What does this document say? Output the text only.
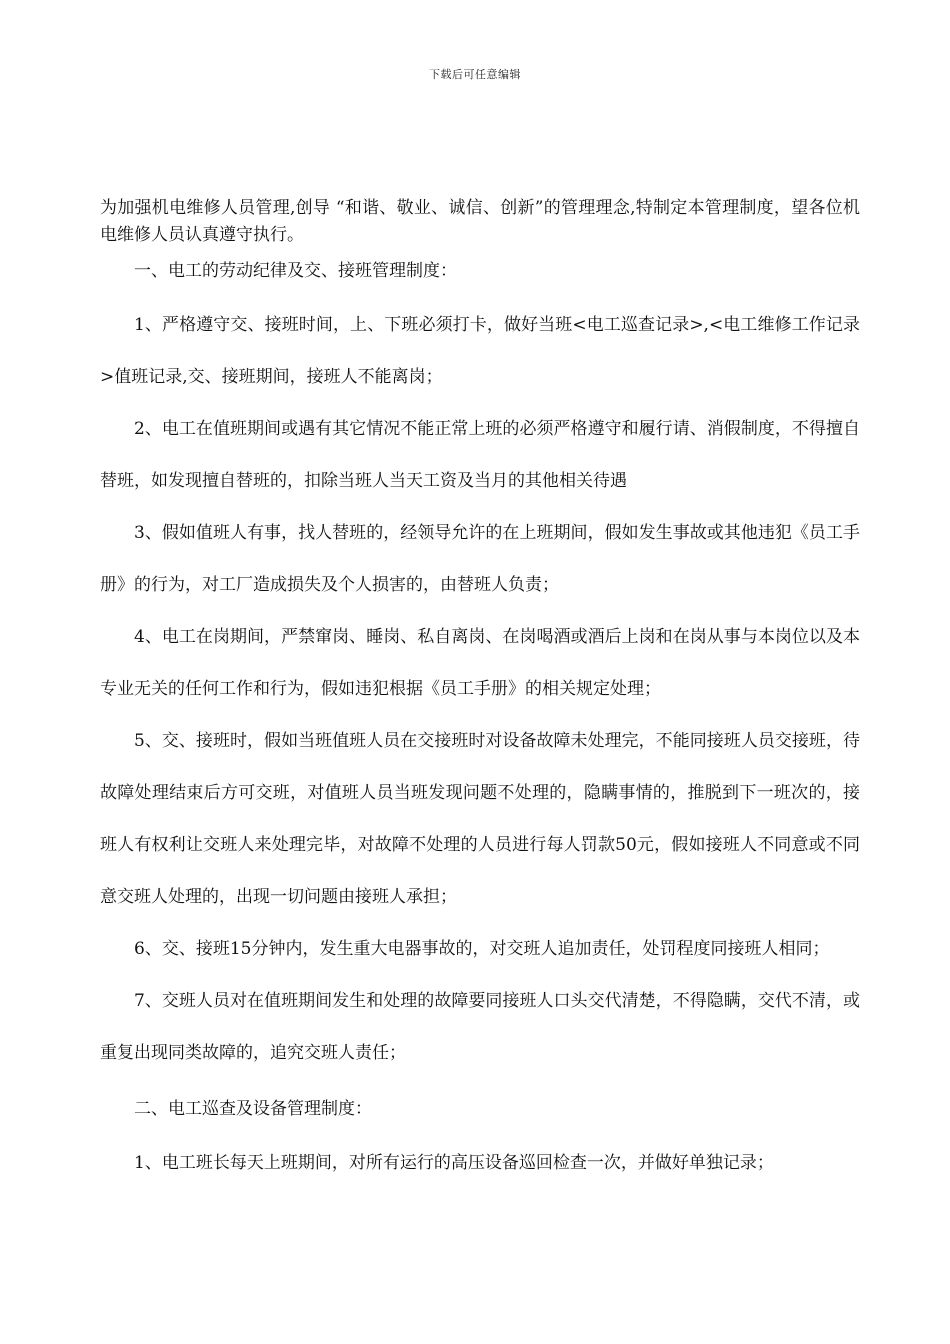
下载后可任意编辑

为加强机电维修人员管理,创导 “和谐、敬业、诚信、创新”的管理理念,特制定本管理制度，望各位机电维修人员认真遵守执行。

一、电工的劳动纪律及交、接班管理制度：

1、严格遵守交、接班时间，上、下班必须打卡，做好当班<电工巡查记录>,<电工维修工作记录>值班记录,交、接班期间，接班人不能离岗；

2、电工在值班期间或遇有其它情况不能正常上班的必须严格遵守和履行请、消假制度，不得擅自替班，如发现擅自替班的，扣除当班人当天工资及当月的其他相关待遇

3、假如值班人有事，找人替班的，经领导允许的在上班期间，假如发生事故或其他违犯《员工手册》的行为，对工厂造成损失及个人损害的，由替班人负责；

4、电工在岗期间，严禁窜岗、睡岗、私自离岗、在岗喝酒或酒后上岗和在岗从事与本岗位以及本专业无关的任何工作和行为，假如违犯根据《员工手册》的相关规定处理；

5、交、接班时，假如当班值班人员在交接班时对设备故障未处理完，不能同接班人员交接班，待故障处理结束后方可交班，对值班人员当班发现问题不处理的，隐瞒事情的，推脱到下一班次的，接班人有权利让交班人来处理完毕，对故障不处理的人员进行每人罚款50元，假如接班人不同意或不同意交班人处理的，出现一切问题由接班人承担；

6、交、接班15分钟内，发生重大电器事故的，对交班人追加责任，处罚程度同接班人相同；

7、交班人员对在值班期间发生和处理的故障要同接班人口头交代清楚，不得隐瞒，交代不清，或重复出现同类故障的，追究交班人责任；

二、电工巡查及设备管理制度：

1、电工班长每天上班期间，对所有运行的高压设备巡回检查一次，并做好单独记录；
